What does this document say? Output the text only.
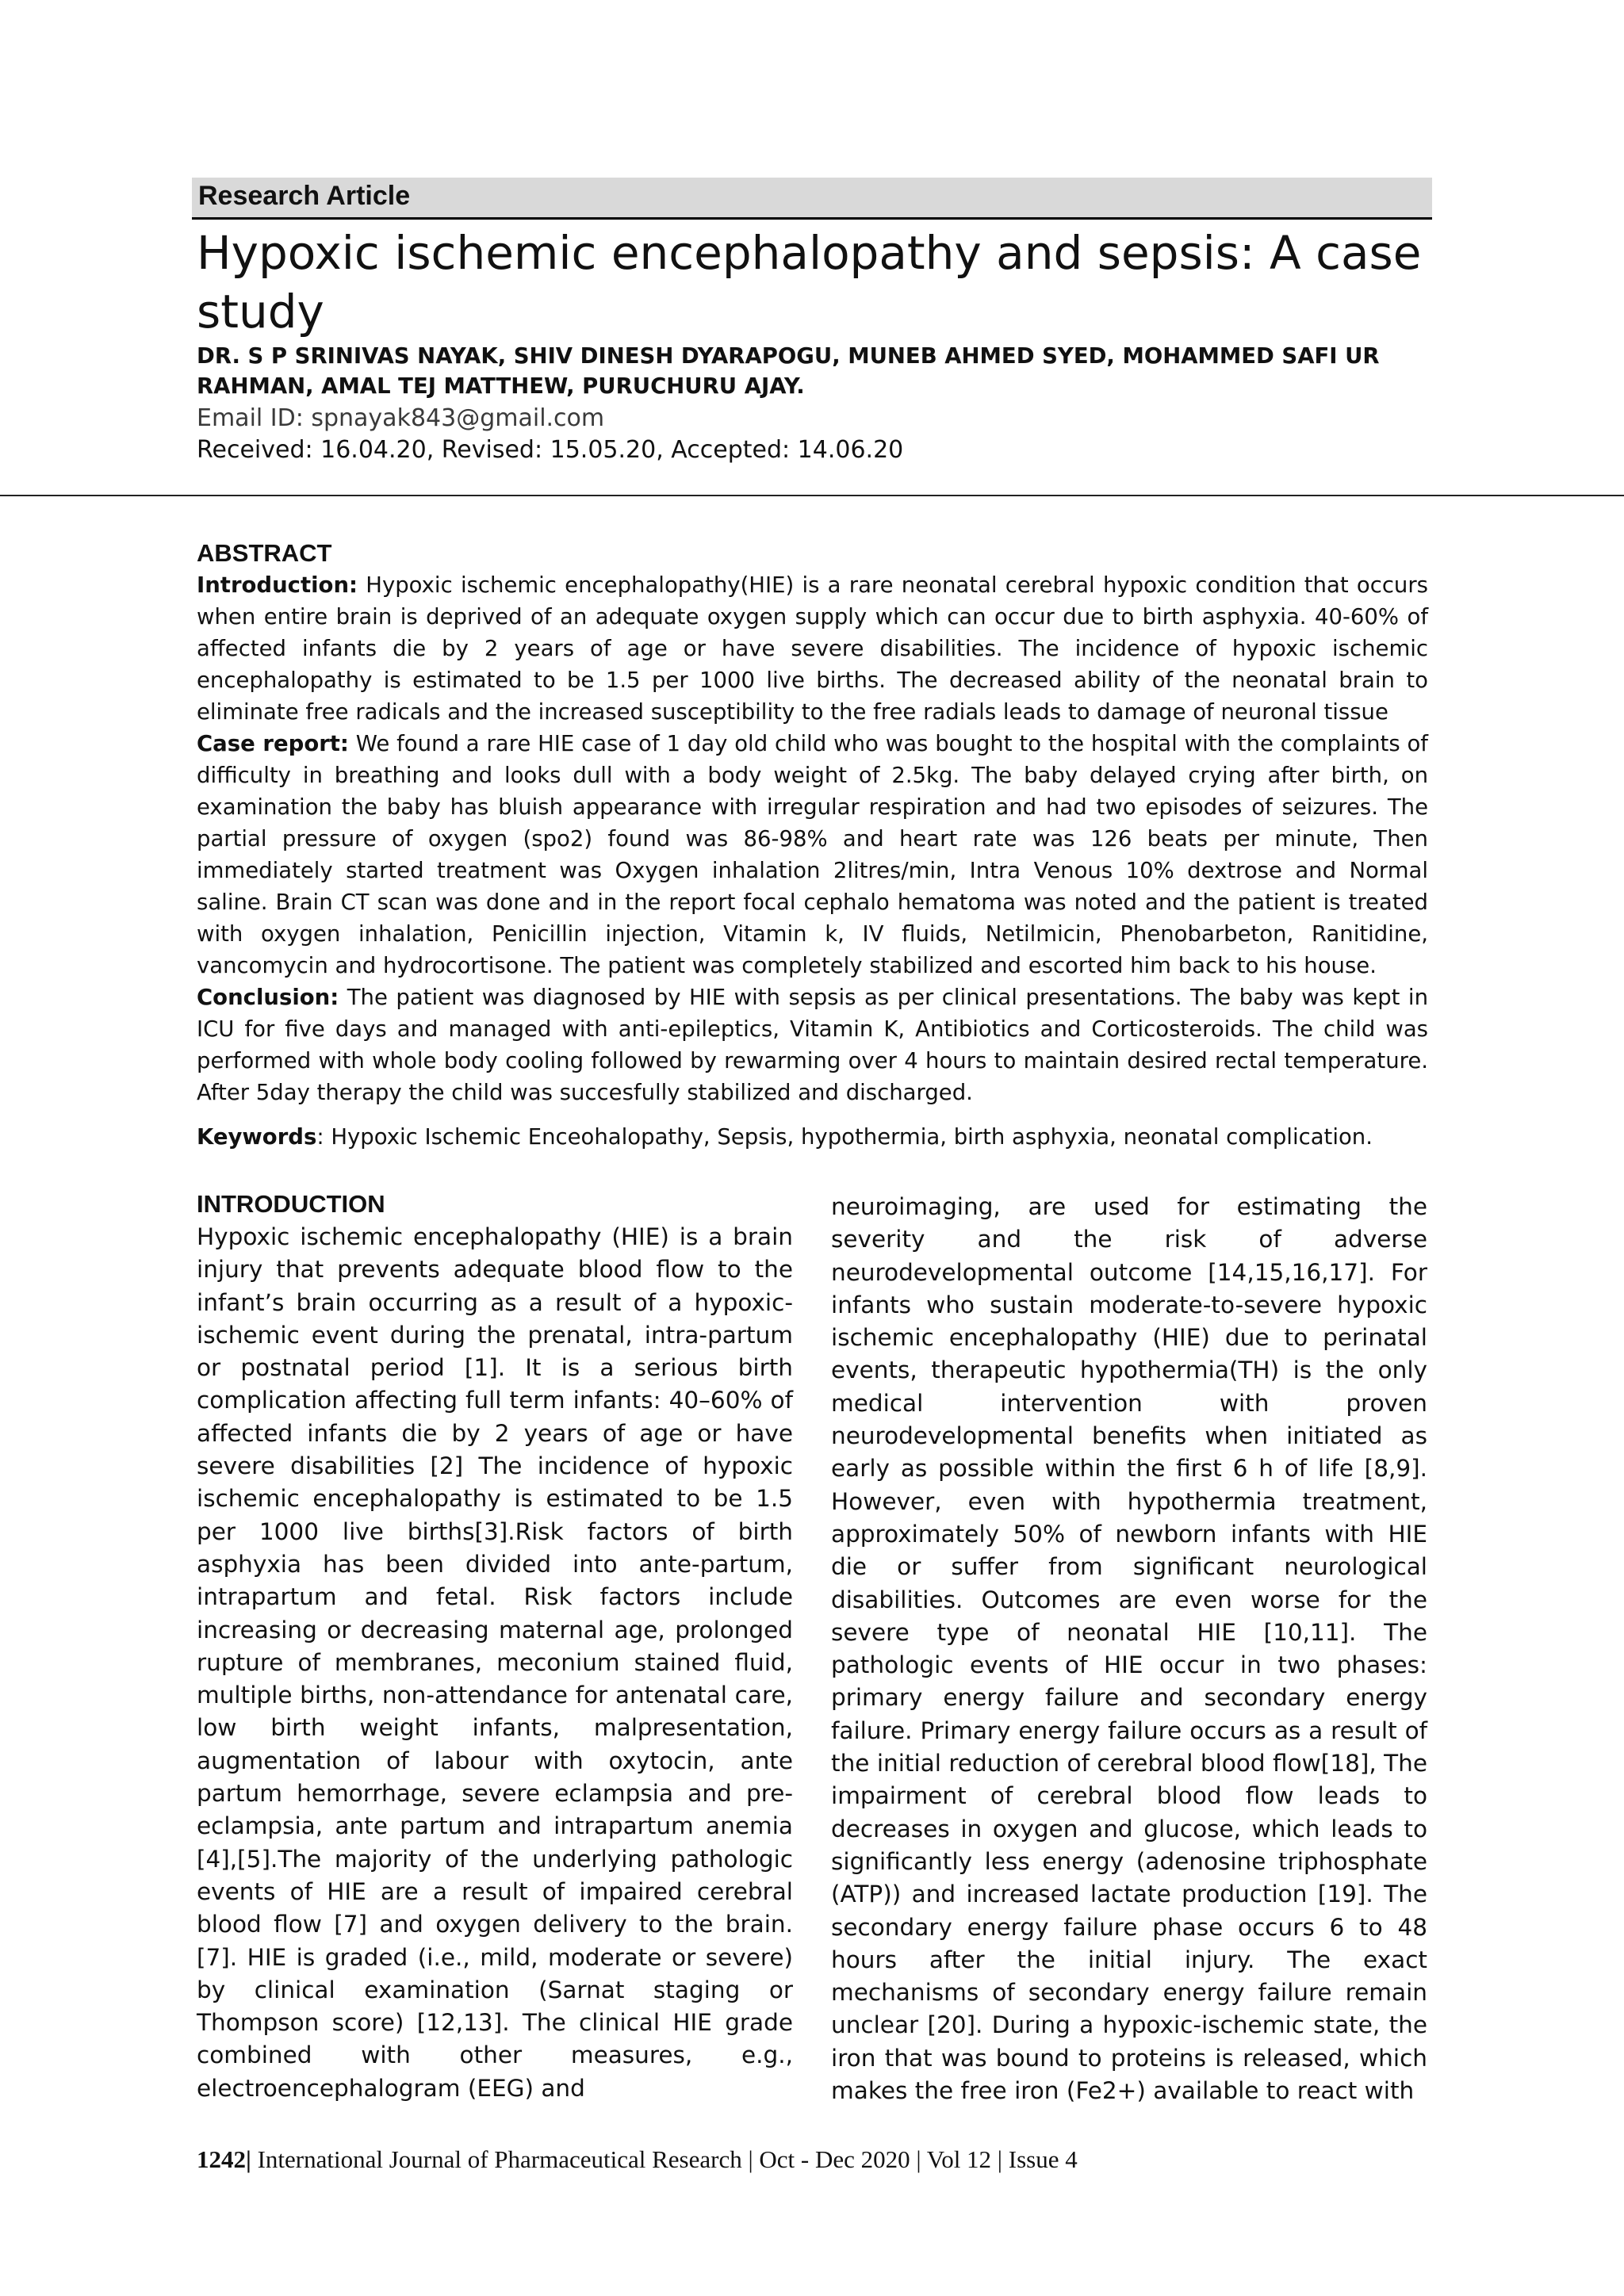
Research Article
Hypoxic ischemic encephalopathy and sepsis: A case study

DR. S P SRINIVAS NAYAK, SHIV DINESH DYARAPOGU, MUNEB AHMED SYED, MOHAMMED SAFI UR RAHMAN, AMAL TEJ MATTHEW, PURUCHURU AJAY.

Email ID: spnayak843@gmail.com
Received: 16.04.20, Revised: 15.05.20, Accepted: 14.06.20
ABSTRACT

Introduction: Hypoxic ischemic encephalopathy(HIE) is a rare neonatal cerebral hypoxic condition that occurs when entire brain is deprived of an adequate oxygen supply which can occur due to birth asphyxia. 40-60% of affected infants die by 2 years of age or have severe disabilities. The incidence of hypoxic ischemic encephalopathy is estimated to be 1.5 per 1000 live births. The decreased ability of the neonatal brain to eliminate free radicals and the increased susceptibility to the free radials leads to damage of neuronal tissue

Case report: We found a rare HIE case of 1 day old child who was bought to the hospital with the complaints of difficulty in breathing and looks dull with a body weight of 2.5kg. The baby delayed crying after birth, on examination the baby has bluish appearance with irregular respiration and had two episodes of seizures. The partial pressure of oxygen (spo2) found was 86-98% and heart rate was 126 beats per minute, Then immediately started treatment was Oxygen inhalation 2litres/min, Intra Venous 10% dextrose and Normal saline. Brain CT scan was done and in the report focal cephalo hematoma was noted and the patient is treated with oxygen inhalation, Penicillin injection, Vitamin k, IV fluids, Netilmicin, Phenobarbeton, Ranitidine, vancomycin and hydrocortisone. The patient was completely stabilized and escorted him back to his house.

Conclusion: The patient was diagnosed by HIE with sepsis as per clinical presentations. The baby was kept in ICU for five days and managed with anti-epileptics, Vitamin K, Antibiotics and Corticosteroids. The child was performed with whole body cooling followed by rewarming over 4 hours to maintain desired rectal temperature. After 5day therapy the child was succesfully stabilized and discharged.

Keywords: Hypoxic Ischemic Enceohalopathy, Sepsis, hypothermia, birth asphyxia, neonatal complication.

INTRODUCTION

Hypoxic ischemic encephalopathy (HIE) is a brain injury that prevents adequate blood flow to the infant’s brain occurring as a result of a hypoxic-ischemic event during the prenatal, intra-partum or postnatal period [1]. It is a serious birth complication affecting full term infants: 40–60% of affected infants die by 2 years of age or have severe disabilities [2] The incidence of hypoxic ischemic encephalopathy is estimated to be 1.5 per 1000 live births[3].Risk factors of birth asphyxia has been divided into ante-partum, intrapartum and fetal. Risk factors include increasing or decreasing maternal age, prolonged rupture of membranes, meconium stained fluid, multiple births, non-attendance for antenatal care, low birth weight infants, malpresentation, augmentation of labour with oxytocin, ante partum hemorrhage, severe eclampsia and pre-eclampsia, ante partum and intrapartum anemia [4],[5].The majority of the underlying pathologic events of HIE are a result of impaired cerebral blood flow [7] and oxygen delivery to the brain.[7]. HIE is graded (i.e., mild, moderate or severe) by clinical examination (Sarnat staging or Thompson score) [12,13]. The clinical HIE grade combined with other measures, e.g., electroencephalogram (EEG) and

neuroimaging, are used for estimating the severity and the risk of adverse neurodevelopmental outcome [14,15,16,17]. For infants who sustain moderate-to-severe hypoxic ischemic encephalopathy (HIE) due to perinatal events, therapeutic hypothermia(TH) is the only medical intervention with proven neurodevelopmental benefits when initiated as early as possible within the first 6 h of life [8,9]. However, even with hypothermia treatment, approximately 50% of newborn infants with HIE die or suffer from significant neurological disabilities. Outcomes are even worse for the severe type of neonatal HIE [10,11]. The pathologic events of HIE occur in two phases: primary energy failure and secondary energy failure. Primary energy failure occurs as a result of the initial reduction of cerebral blood flow[18], The impairment of cerebral blood flow leads to decreases in oxygen and glucose, which leads to significantly less energy (adenosine triphosphate (ATP)) and increased lactate production [19]. The secondary energy failure phase occurs 6 to 48 hours after the initial injury. The exact mechanisms of secondary energy failure remain unclear [20]. During a hypoxic-ischemic state, the iron that was bound to proteins is released, which makes the free iron (Fe2+) available to react with

1242| International Journal of Pharmaceutical Research | Oct - Dec 2020 | Vol 12 | Issue 4
